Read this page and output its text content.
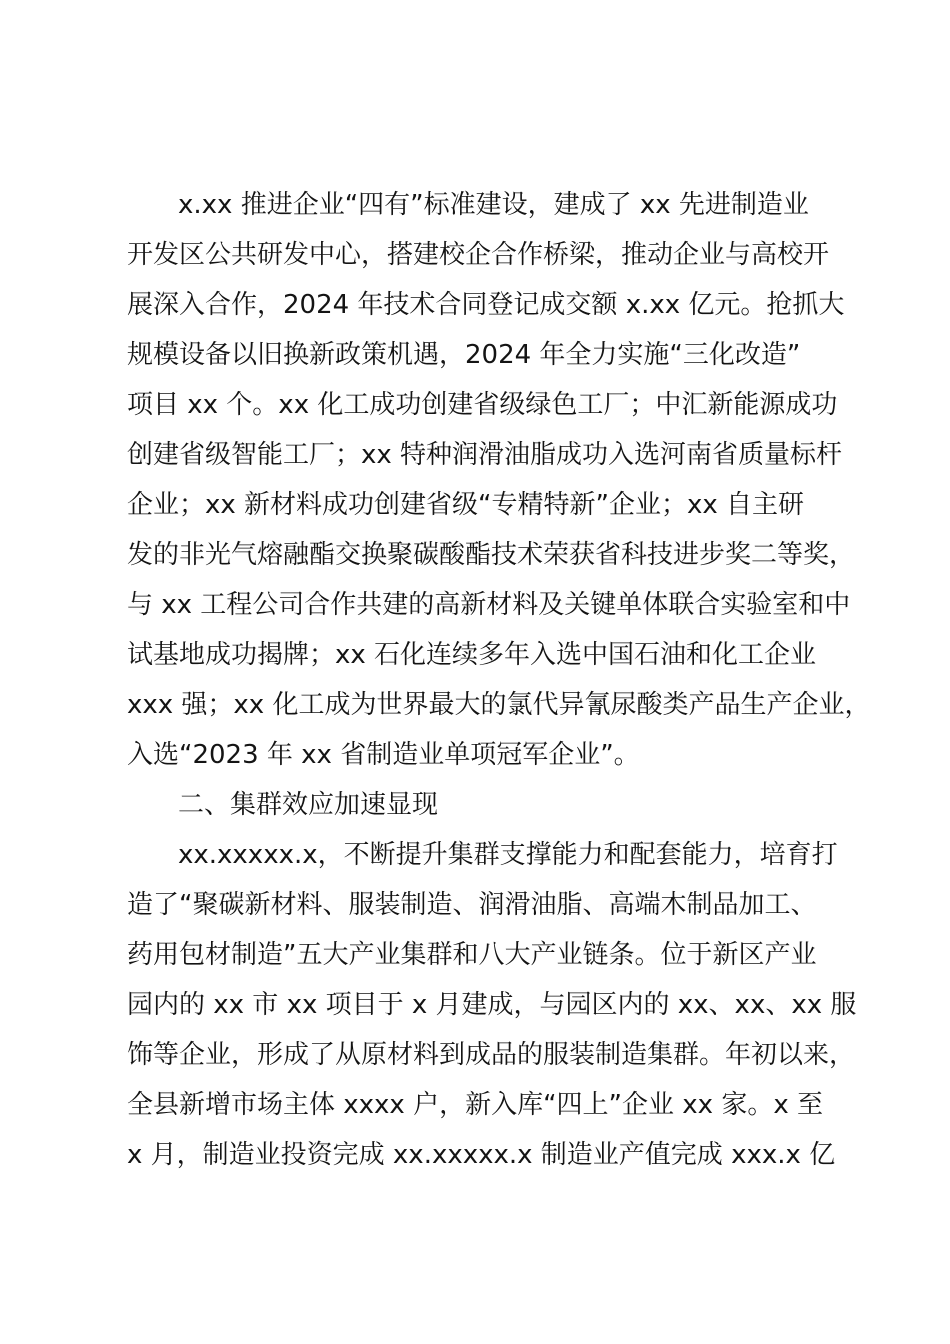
x.xx 推进企业“四有”标准建设，建成了 xx 先进制造业
开发区公共研发中心，搭建校企合作桥梁，推动企业与高校开
展深入合作，2024 年技术合同登记成交额 x.xx 亿元。抢抓大
规模设备以旧换新政策机遇，2024 年全力实施“三化改造”
项目 xx 个。xx 化工成功创建省级绿色工厂；中汇新能源成功
创建省级智能工厂；xx 特种润滑油脂成功入选河南省质量标杆
企业；xx 新材料成功创建省级“专精特新”企业；xx 自主研
发的非光气熔融酯交换聚碳酸酯技术荣获省科技进步奖二等奖，
与 xx 工程公司合作共建的高新材料及关键单体联合实验室和中
试基地成功揭牌；xx 石化连续多年入选中国石油和化工企业
xxx 强；xx 化工成为世界最大的氯代异氰尿酸类产品生产企业，
入选“2023 年 xx 省制造业单项冠军企业”。
二、集群效应加速显现
xx.xxxxx.x，不断提升集群支撑能力和配套能力，培育打
造了“聚碳新材料、服装制造、润滑油脂、高端木制品加工、
药用包材制造”五大产业集群和八大产业链条。位于新区产业
园内的 xx 市 xx 项目于 x 月建成，与园区内的 xx、xx、xx 服
饰等企业，形成了从原材料到成品的服装制造集群。年初以来，
全县新增市场主体 xxxx 户，新入库“四上”企业 xx 家。x 至
x 月，制造业投资完成 xx.xxxxx.x 制造业产值完成 xxx.x 亿
